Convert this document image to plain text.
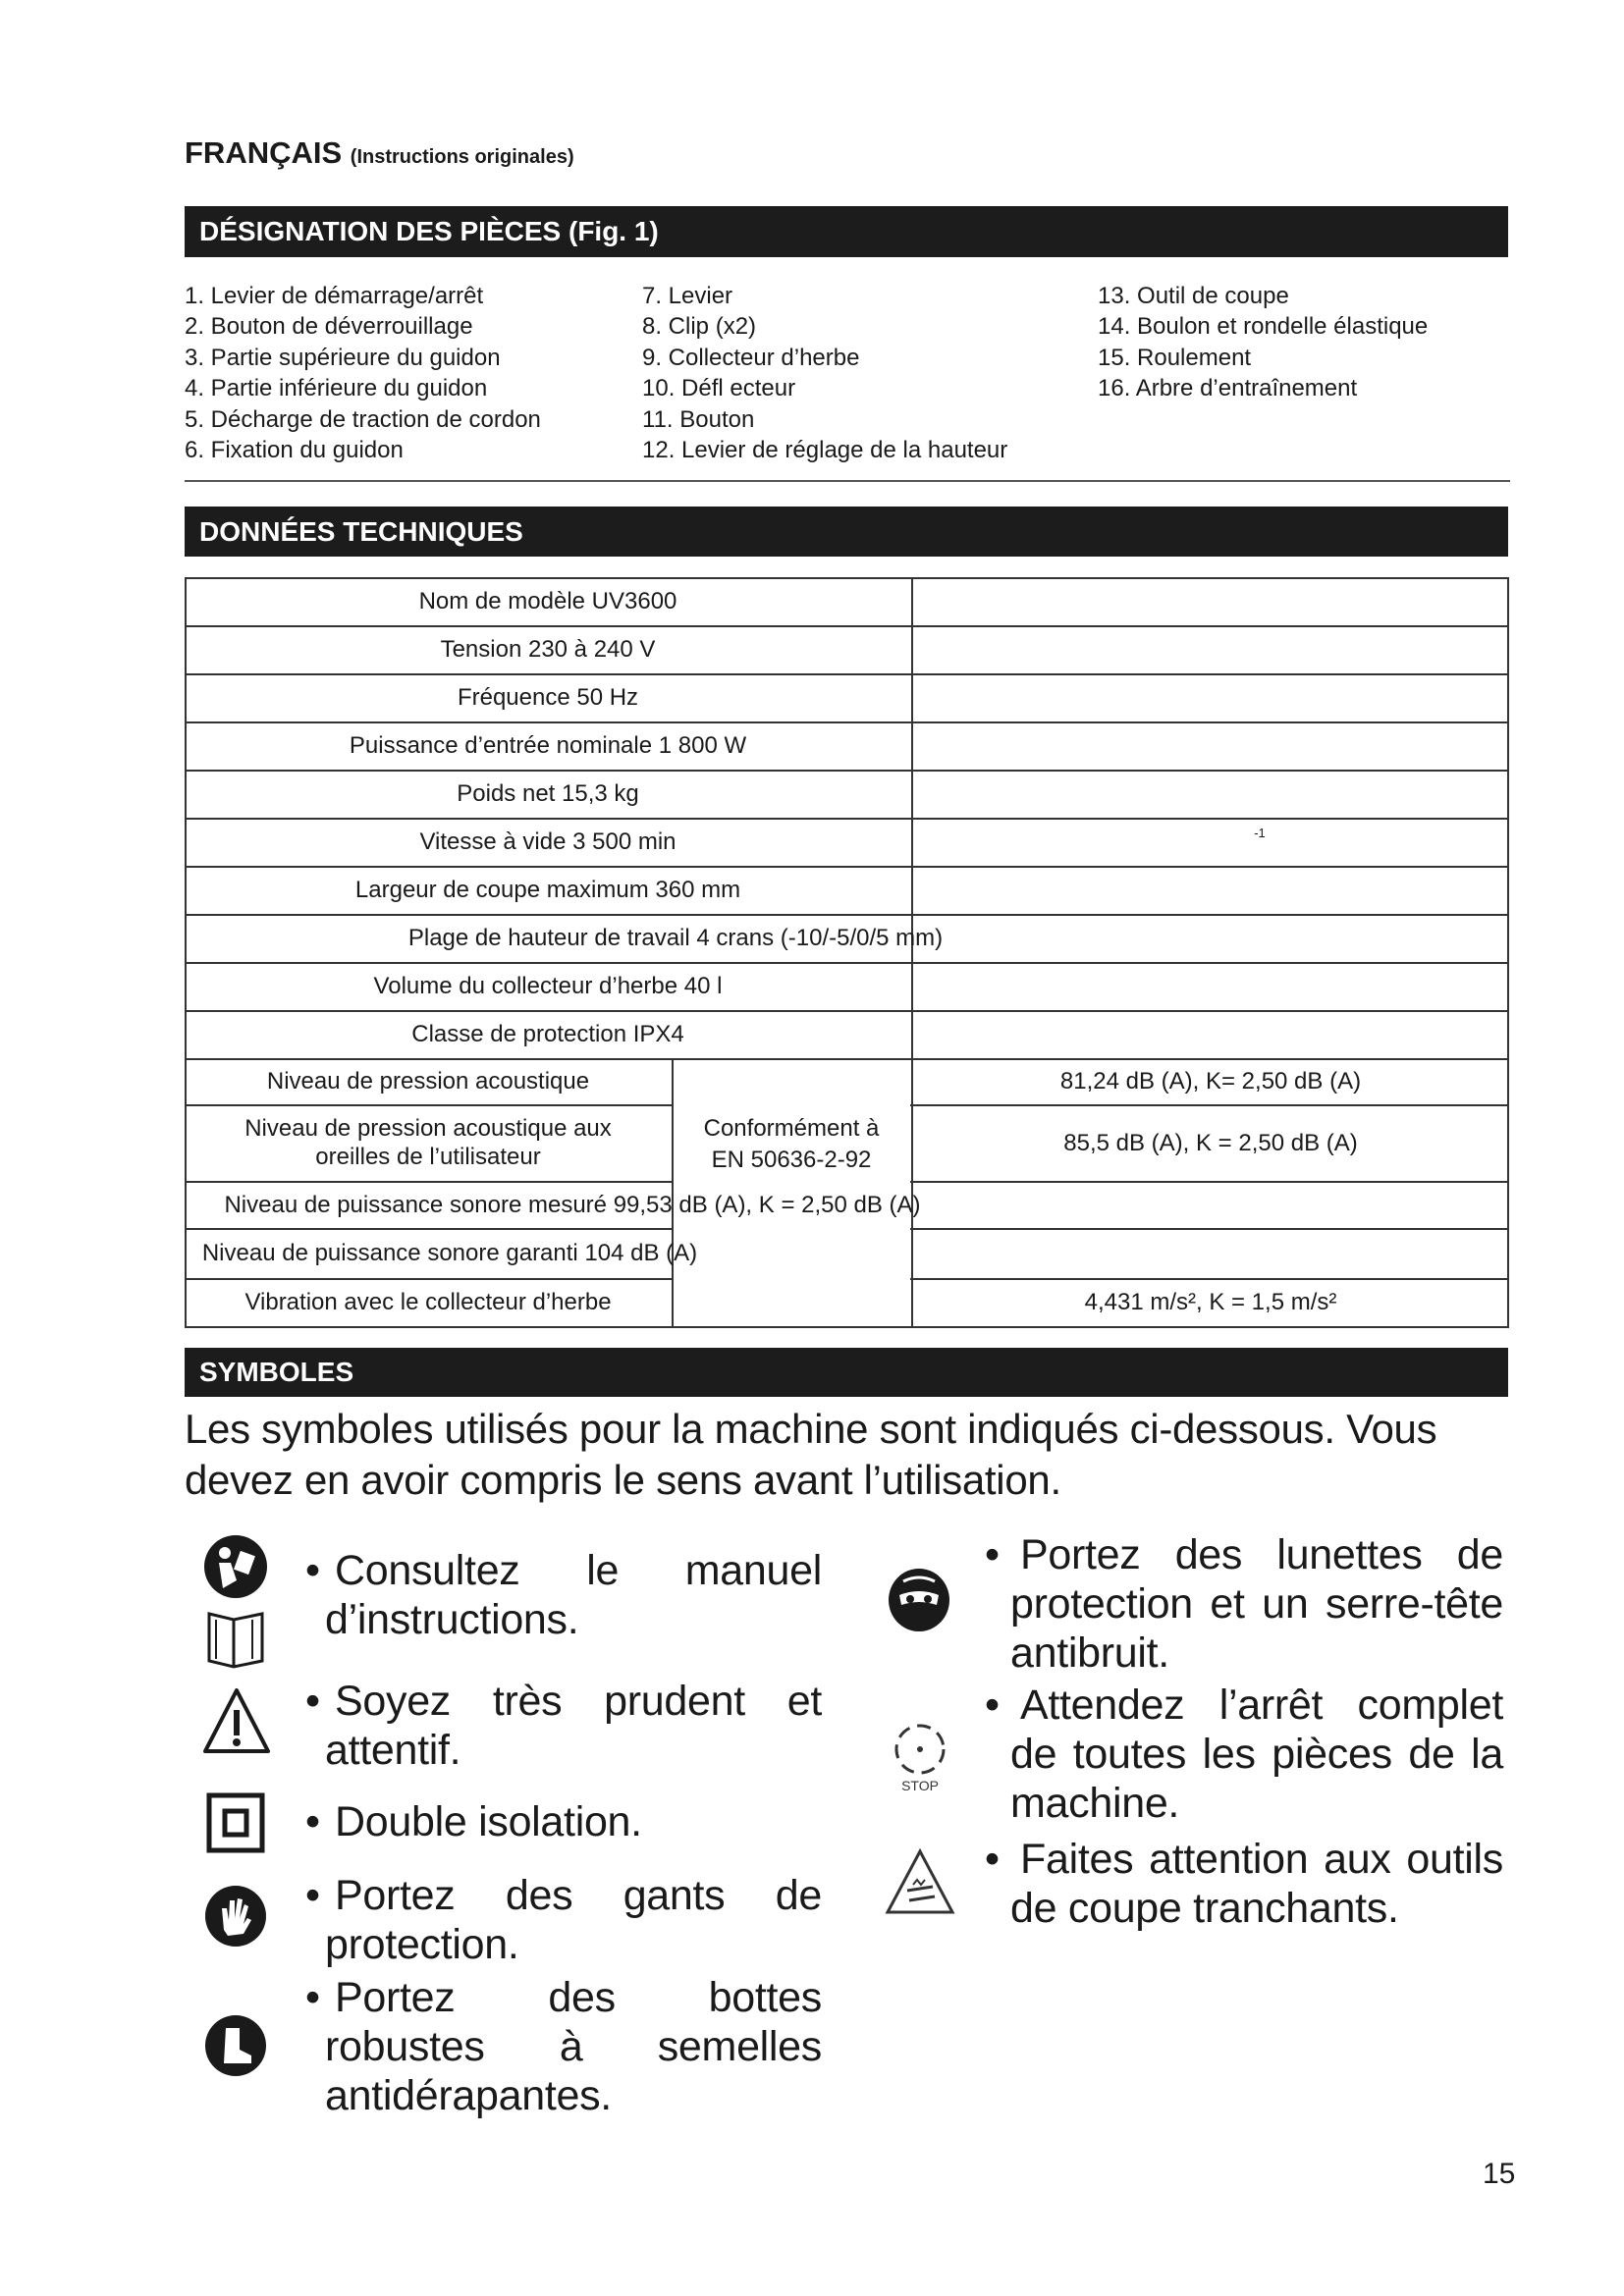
FRANÇAIS (Instructions originales)
DÉSIGNATION DES PIÈCES (Fig. 1)
1. Levier de démarrage/arrêt
2. Bouton de déverrouillage
3. Partie supérieure du guidon
4. Partie inférieure du guidon
5. Décharge de traction de cordon
6. Fixation du guidon
7. Levier
8. Clip (x2)
9. Collecteur d’herbe
10. Défl ecteur
11. Bouton
12. Levier de réglage de la hauteur
13. Outil de coupe
14. Boulon et rondelle élastique
15. Roulement
16. Arbre d’entraînement
DONNÉES TECHNIQUES
Nom de modèle UV3600
Tension 230 à 240 V
Fréquence 50 Hz
Puissance d’entrée nominale 1 800 W
Poids net 15,3 kg
Vitesse à vide 3 500 min
Largeur de coupe maximum 360 mm
Plage de hauteur de travail 4 crans (-10/-5/0/5 mm)
Volume du collecteur d’herbe 40 l
Classe de protection IPX4
-1
Niveau de pression acoustique	81,24 dB (A), K= 2,50 dB (A)
Niveau de pression acoustique aux oreilles de l’utilisateur
85,5 dB (A), K = 2,50 dB (A)
Niveau de puissance sonore mesuré 99,53 dB (A), K = 2,50 dB (A)
Niveau de puissance sonore garanti 104 dB (A)
Vibration avec le collecteur d’herbe	4,431 m/s², K = 1,5 m/s²
Conformément à
EN 50636-2-92
SYMBOLES
Les symboles utilisés pour la machine sont indiqués ci-dessous. Vous devez en avoir compris le sens avant l’utilisation.
• Consultez le manuel d’instructions.
• Soyez très prudent et attentif.
• Double isolation.
• Portez des gants de protection.
• Portez des bottes robustes à semelles antidérapantes.
• Portez des lunettes de protection et un serre-tête antibruit.
• Attendez l’arrêt complet de toutes les pièces de la machine.
• Faites attention aux outils de coupe tranchants.
STOP
15
